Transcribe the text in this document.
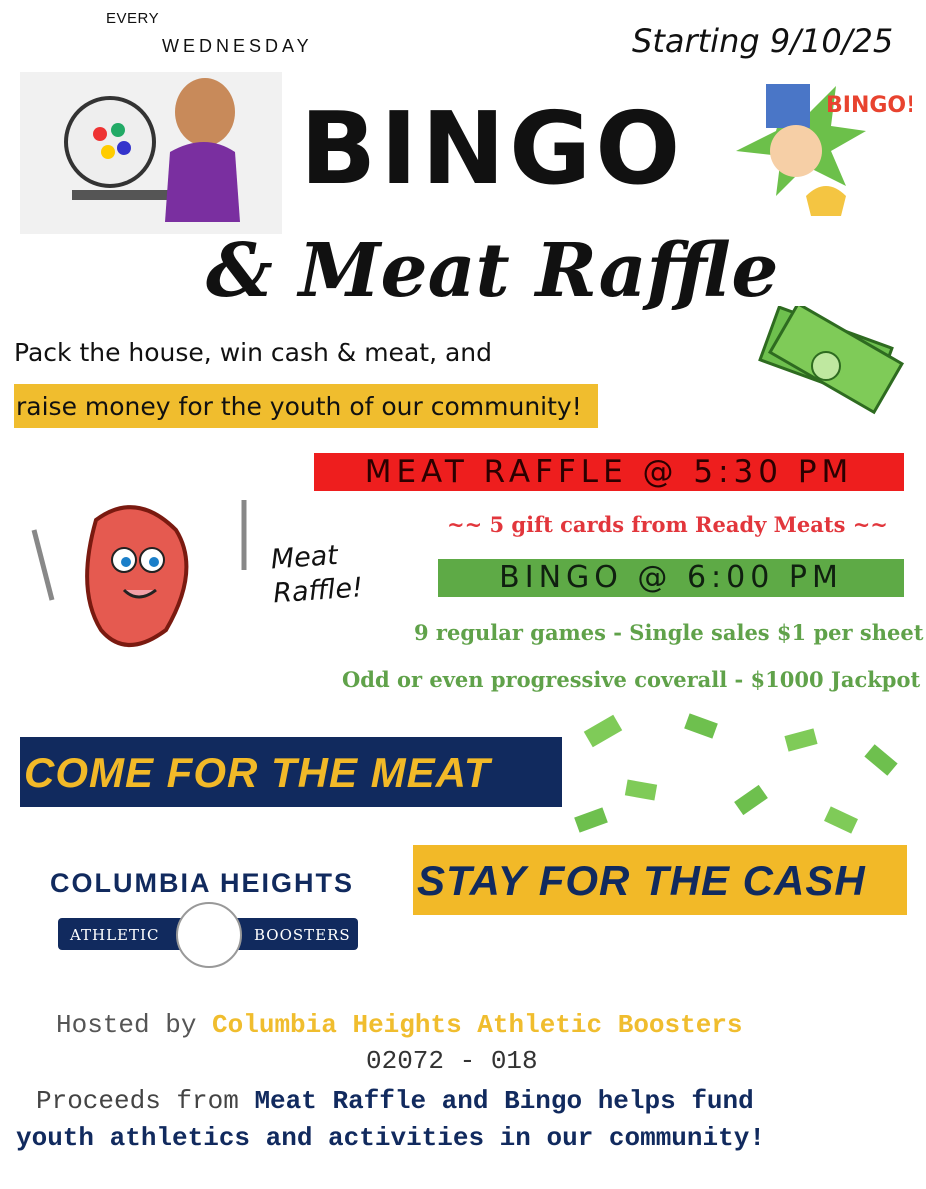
EVERY
WEDNESDAY	Starting 9/10/25
BINGO	BINGO!
& Meat Raffle
Pack the house, win cash & meat, and
raise money for the youth of our community!
MEAT RAFFLE @ 5:30 PM
Meat Raffle!
~~ 5 gift cards from Ready Meats ~~
BINGO @ 6:00 PM
9 regular games - Single sales $1 per sheet
Odd or even progressive coverall - $1000 Jackpot
COME FOR THE MEAT
STAY FOR THE CASH
COLUMBIA HEIGHTS
ATHLETIC	BOOSTERS
Hosted by Columbia Heights Athletic Boosters
02072 - 018
Proceeds from Meat Raffle and Bingo helps fund
youth athletics and activities in our community!
